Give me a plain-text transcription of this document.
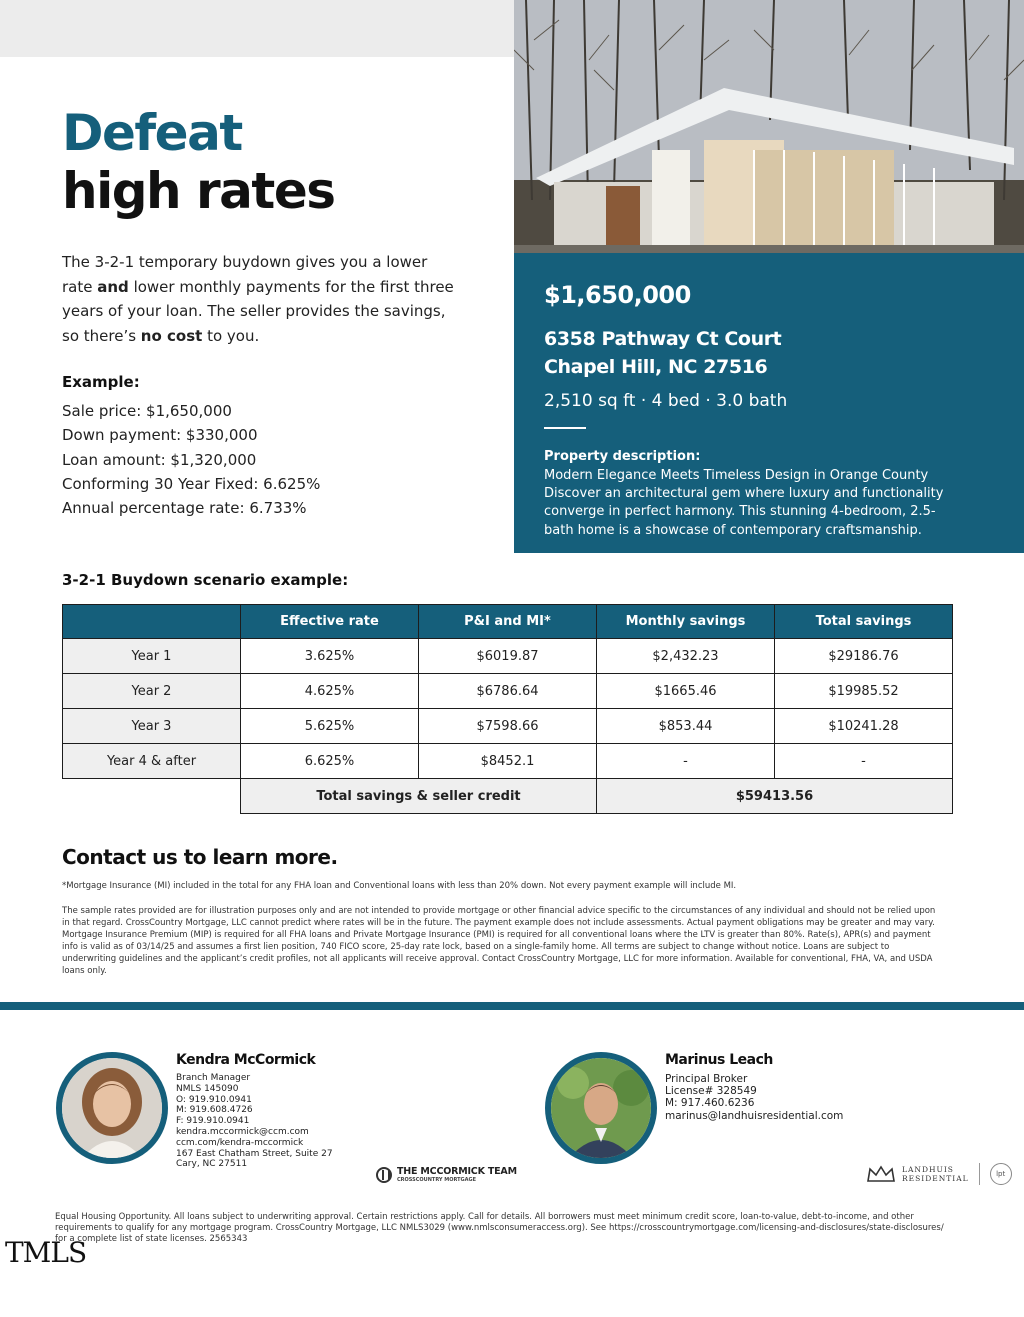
Defeat
high rates

The 3-2-1 temporary buydown gives you a lower rate and lower monthly payments for the first three years of your loan. The seller provides the savings, so there’s no cost to you.

Example:
Sale price: $1,650,000
Down payment: $330,000
Loan amount: $1,320,000
Conforming 30 Year Fixed: 6.625%
Annual percentage rate: 6.733%
$1,650,000
6358 Pathway Ct Court
Chapel Hill, NC 27516
2,510 sq ft · 4 bed · 3.0 bath
Property description:
Modern Elegance Meets Timeless Design in Orange County Discover an architectural gem where luxury and functionality converge in perfect harmony. This stunning 4-bedroom, 2.5-bath home is a showcase of contemporary craftsmanship.
3-2-1 Buydown scenario example:
	Effective rate	P&I and MI*	Monthly savings	Total savings
Year 1	3.625%	$6019.87	$2,432.23	$29186.76
Year 2	4.625%	$6786.64	$1665.46	$19985.52
Year 3	5.625%	$7598.66	$853.44	$10241.28
Year 4 & after	6.625%	$8452.1	-	-
	Total savings & seller credit		$59413.56	
Contact us to learn more.

*Mortgage Insurance (MI) included in the total for any FHA loan and Conventional loans with less than 20% down. Not every payment example will include MI.

The sample rates provided are for illustration purposes only and are not intended to provide mortgage or other financial advice specific to the circumstances of any individual and should not be relied upon in that regard. CrossCountry Mortgage, LLC cannot predict where rates will be in the future. The payment example does not include assessments. Actual payment obligations may be greater and may vary. Mortgage Insurance Premium (MIP) is required for all FHA loans and Private Mortgage Insurance (PMI) is required for all conventional loans where the LTV is greater than 80%. Rate(s), APR(s) and payment info is valid as of 03/14/25 and assumes a first lien position, 740 FICO score, 25-day rate lock, based on a single-family home. All terms are subject to change without notice. Loans are subject to underwriting guidelines and the applicant’s credit profiles, not all applicants will receive approval. Contact CrossCountry Mortgage, LLC for more information. Available for conventional, FHA, VA, and USDA loans only.

Kendra McCormick
Branch Manager
NMLS 145090
O: 919.910.0941
M: 919.608.4726
F: 919.910.0941
kendra.mccormick@ccm.com
ccm.com/kendra-mccormick
167 East Chatham Street, Suite 27
Cary, NC 27511
Marinus Leach
Principal Broker
License# 328549
M: 917.460.6236
marinus@landhuisresidential.com
THE MCCORMICK TEAM
CROSSCOUNTRY MORTGAGE
LANDHUIS
RESIDENTIAL	lpt

Equal Housing Opportunity. All loans subject to underwriting approval. Certain restrictions apply. Call for details. All borrowers must meet minimum credit score, loan-to-value, debt-to-income, and other requirements to qualify for any mortgage program. CrossCountry Mortgage, LLC NMLS3029 (www.nmlsconsumeraccess.org). See https://crosscountrymortgage.com/licensing-and-disclosures/state-disclosures/ for a complete list of state licenses. 2565343

TMLS
